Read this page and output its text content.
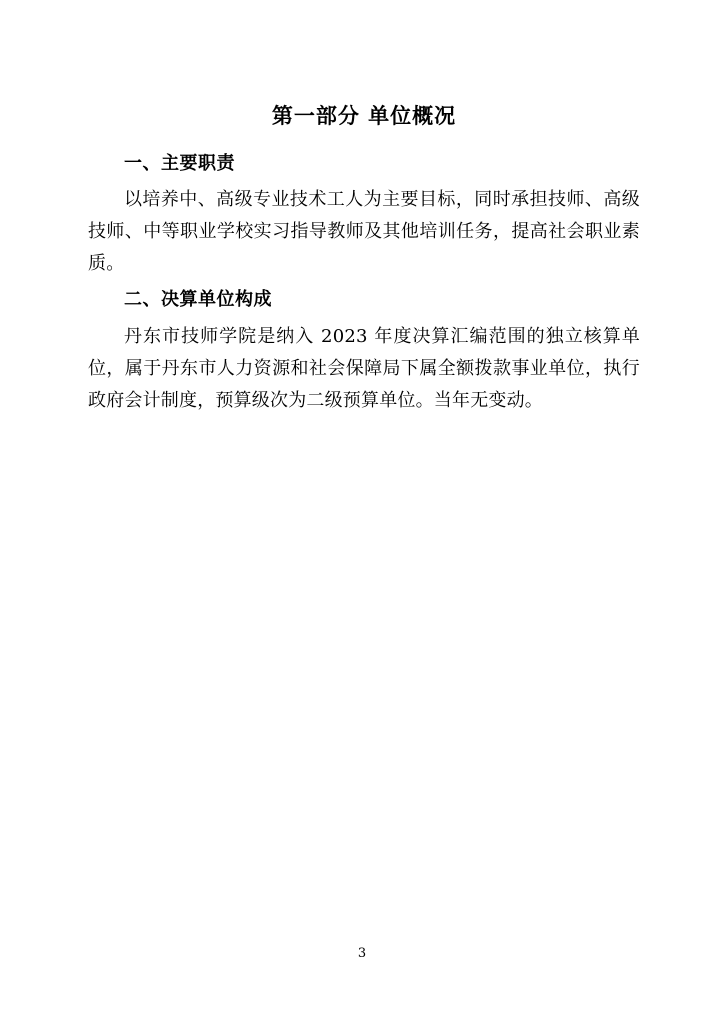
第一部分 单位概况
一、主要职责

以培养中、高级专业技术工人为主要目标，同时承担技师、高级技师、中等职业学校实习指导教师及其他培训任务，提高社会职业素质。

二、决算单位构成

丹东市技师学院是纳入 2023 年度决算汇编范围的独立核算单位，属于丹东市人力资源和社会保障局下属全额拨款事业单位，执行政府会计制度，预算级次为二级预算单位。当年无变动。

3
